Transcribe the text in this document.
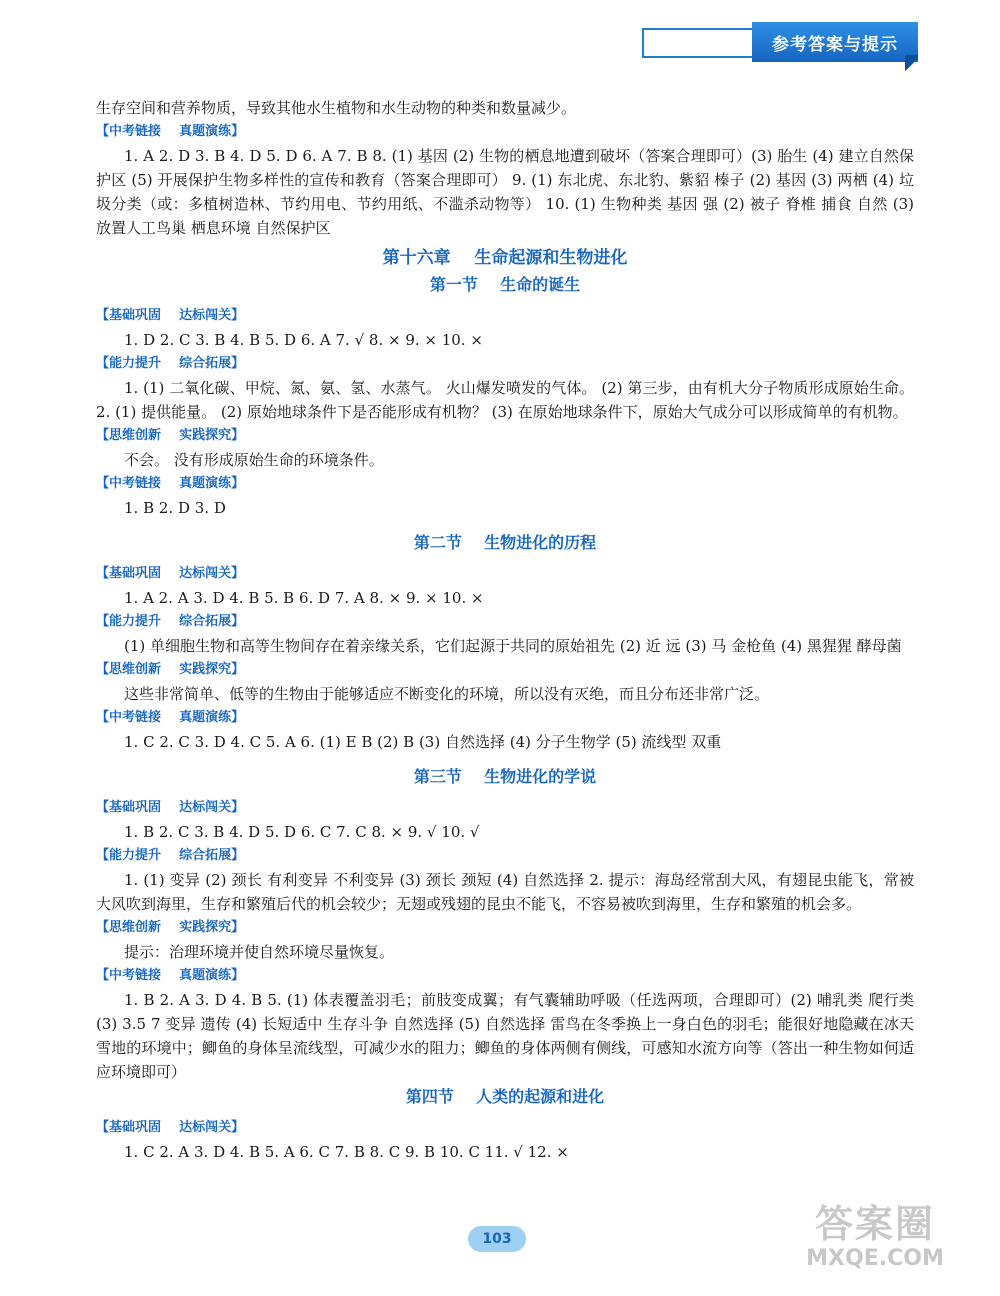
参考答案与提示

生存空间和营养物质，导致其他水生植物和水生动物的种类和数量减少。

【中考链接    真题演练】

1. A 2. D 3. B 4. D 5. D 6. A 7. B 8. (1) 基因 (2) 生物的栖息地遭到破坏（答案合理即可）(3) 胎生 (4) 建立自然保护区 (5) 开展保护生物多样性的宣传和教育（答案合理即可） 9. (1) 东北虎、东北豹、紫貂 榛子 (2) 基因 (3) 两栖 (4) 垃圾分类（或：多植树造林、节约用电、节约用纸、不滥杀动物等） 10. (1) 生物种类 基因 强 (2) 被子 脊椎 捕食 自然 (3) 放置人工鸟巢 栖息环境 自然保护区

第十六章    生命起源和生物进化
第一节    生命的诞生
【基础巩固    达标闯关】

1. D 2. C 3. B 4. B 5. D 6. A 7. √ 8. × 9. × 10. ×

【能力提升    综合拓展】

1. (1) 二氧化碳、甲烷、氮、氨、氢、水蒸气。 火山爆发喷发的气体。 (2) 第三步，由有机大分子物质形成原始生命。 2. (1) 提供能量。 (2) 原始地球条件下是否能形成有机物？ (3) 在原始地球条件下，原始大气成分可以形成简单的有机物。

【思维创新    实践探究】

不会。 没有形成原始生命的环境条件。

【中考链接    真题演练】

1. B 2. D 3. D

第二节    生物进化的历程
【基础巩固    达标闯关】

1. A 2. A 3. D 4. B 5. B 6. D 7. A 8. × 9. × 10. ×

【能力提升    综合拓展】

(1) 单细胞生物和高等生物间存在着亲缘关系，它们起源于共同的原始祖先 (2) 近 远 (3) 马 金枪鱼 (4) 黑猩猩 酵母菌

【思维创新    实践探究】

这些非常简单、低等的生物由于能够适应不断变化的环境，所以没有灭绝，而且分布还非常广泛。

【中考链接    真题演练】

1. C 2. C 3. D 4. C 5. A 6. (1) E B (2) B (3) 自然选择 (4) 分子生物学 (5) 流线型 双重

第三节    生物进化的学说
【基础巩固    达标闯关】

1. B 2. C 3. B 4. D 5. D 6. C 7. C 8. × 9. √ 10. √

【能力提升    综合拓展】

1. (1) 变异 (2) 颈长 有利变异 不利变异 (3) 颈长 颈短 (4) 自然选择 2. 提示：海岛经常刮大风，有翅昆虫能飞，常被大风吹到海里，生存和繁殖后代的机会较少；无翅或残翅的昆虫不能飞，不容易被吹到海里，生存和繁殖的机会多。

【思维创新    实践探究】

提示：治理环境并使自然环境尽量恢复。

【中考链接    真题演练】

1. B 2. A 3. D 4. B 5. (1) 体表覆盖羽毛；前肢变成翼；有气囊辅助呼吸（任选两项，合理即可）(2) 哺乳类 爬行类 (3) 3.5 7 变异 遗传 (4) 长短适中 生存斗争 自然选择 (5) 自然选择 雷鸟在冬季换上一身白色的羽毛；能很好地隐藏在冰天雪地的环境中；鲫鱼的身体呈流线型，可减少水的阻力；鲫鱼的身体两侧有侧线，可感知水流方向等（答出一种生物如何适应环境即可）

第四节    人类的起源和进化
【基础巩固    达标闯关】

1. C 2. A 3. D 4. B 5. A 6. C 7. B 8. C 9. B 10. C 11. √ 12. ×

103	答案圈
MXQE.COM
